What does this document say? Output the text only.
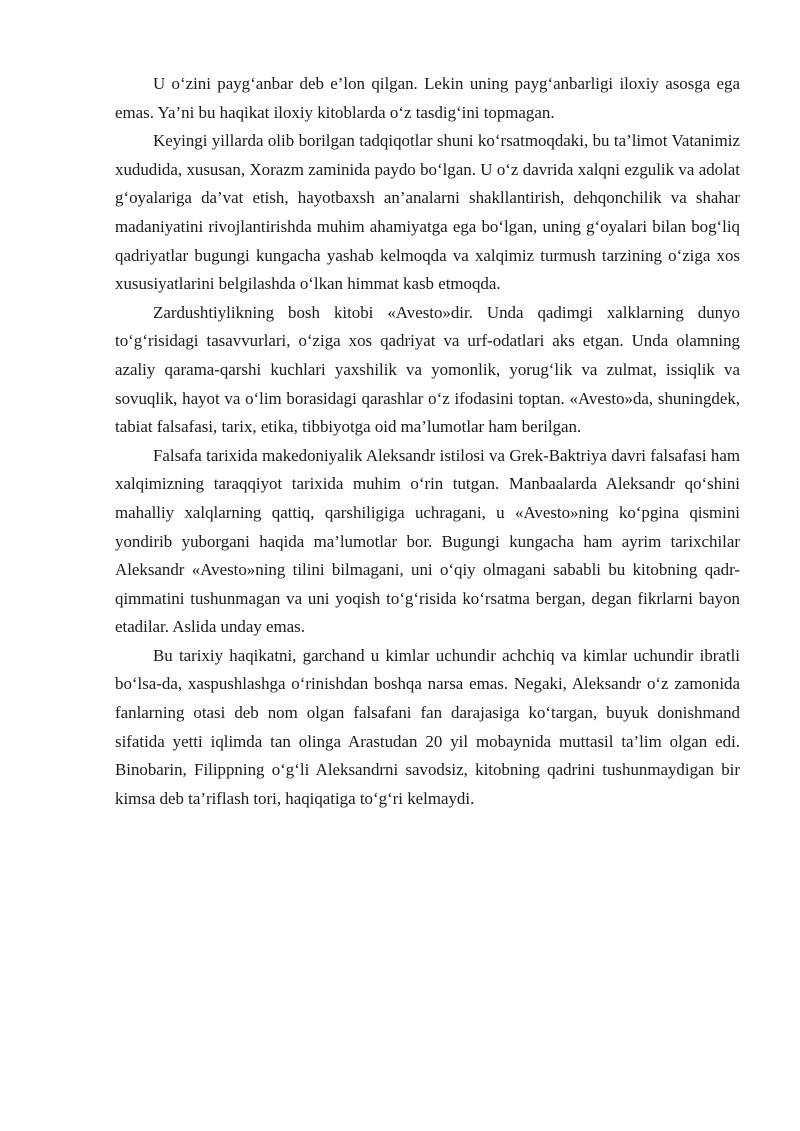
U o‘zini payg‘anbar deb e’lon qilgan. Lekin uning payg‘anbarligi iloxiy asosga ega emas. Ya’ni bu haqikat iloxiy kitoblarda o‘z tasdig‘ini topmagan.

Keyingi yillarda olib borilgan tadqiqotlar shuni ko‘rsatmoqdaki, bu ta’limot Vatanimiz xududida, xususan, Xorazm zaminida paydo bo‘lgan. U o‘z davrida xalqni ezgulik va adolat g‘oyalariga da’vat etish, hayotbaxsh an’analarni shakllantirish, dehqonchilik va shahar madaniyatini rivojlantirishda muhim ahamiyatga ega bo‘lgan, uning g‘oyalari bilan bog‘liq qadriyatlar bugungi kungacha yashab kelmoqda va xalqimiz turmush tarzining o‘ziga xos xususiyatlarini belgilashda o‘lkan himmat kasb etmoqda.

Zardushtiylikning bosh kitobi «Avesto»dir. Unda qadimgi xalklarning dunyo to‘g‘risidagi tasavvurlari, o‘ziga xos qadriyat va urf-odatlari aks etgan. Unda olamning azaliy qarama-qarshi kuchlari yaxshilik va yomonlik, yorug‘lik va zulmat, issiqlik va sovuqlik, hayot va o‘lim borasidagi qarashlar o‘z ifodasini toptan. «Avesto»da, shuningdek, tabiat falsafasi, tarix, etika, tibbiyotga oid ma’lumotlar ham berilgan.

Falsafa tarixida makedoniyalik Aleksandr istilosi va Grek-Baktriya davri falsafasi ham xalqimizning taraqqiyot tarixida muhim o‘rin tutgan. Manbaalarda Aleksandr qo‘shini mahalliy xalqlarning qattiq, qarshiligiga uchragani, u «Avesto»ning ko‘pgina qismini yondirib yuborgani haqida ma’lumotlar bor. Bugungi kungacha ham ayrim tarixchilar Aleksandr «Avesto»ning tilini bilmagani, uni o‘qiy olmagani sababli bu kitobning qadr-qimmatini tushunmagan va uni yoqish to‘g‘risida ko‘rsatma bergan, degan fikrlarni bayon etadilar. Aslida unday emas.

Bu tarixiy haqikatni, garchand u kimlar uchundir achchiq va kimlar uchundir ibratli bo‘lsa-da, xaspushlashga o‘rinishdan boshqa narsa emas. Negaki, Aleksandr o‘z zamonida fanlarning otasi deb nom olgan falsafani fan darajasiga ko‘targan, buyuk donishmand sifatida yetti iqlimda tan olinga Arastudan 20 yil mobaynida muttasil ta’lim olgan edi. Binobarin, Filippning o‘g‘li Aleksandrni savodsiz, kitobning qadrini tushunmaydigan bir kimsa deb ta’riflash tori, haqiqatiga to‘g‘ri kelmaydi.
